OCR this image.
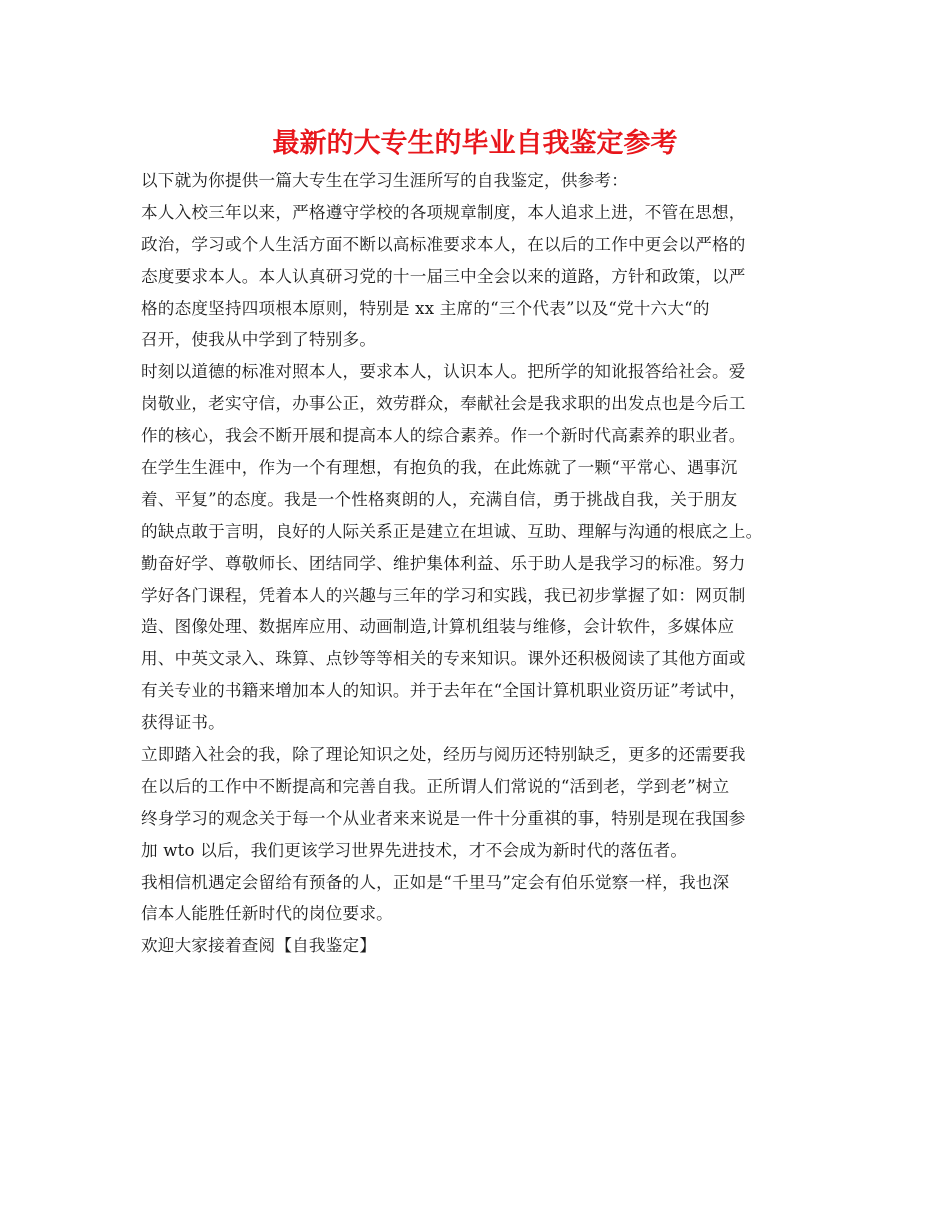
最新的大专生的毕业自我鉴定参考
以下就为你提供一篇大专生在学习生涯所写的自我鉴定，供参考：
本人入校三年以来，严格遵守学校的各项规章制度，本人追求上进，不管在思想，
政治，学习或个人生活方面不断以高标准要求本人，在以后的工作中更会以严格的
态度要求本人。本人认真研习党的十一届三中全会以来的道路，方针和政策，以严
格的态度坚持四项根本原则，特别是 xx 主席的“三个代表”以及“党十六大“的
召开，使我从中学到了特别多。
时刻以道德的标准对照本人，要求本人，认识本人。把所学的知讹报答给社会。爱
岗敬业，老实守信，办事公正，效劳群众，奉献社会是我求职的出发点也是今后工
作的核心，我会不断开展和提高本人的综合素养。作一个新时代高素养的职业者。
在学生生涯中，作为一个有理想，有抱负的我，在此炼就了一颗“平常心、遇事沉
着、平复”的态度。我是一个性格爽朗的人，充满自信，勇于挑战自我，关于朋友
的缺点敢于言明，良好的人际关系正是建立在坦诚、互助、理解与沟通的根底之上。
勤奋好学、尊敬师长、团结同学、维护集体利益、乐于助人是我学习的标准。努力
学好各门课程，凭着本人的兴趣与三年的学习和实践，我已初步掌握了如：网页制
造、图像处理、数据库应用、动画制造,计算机组装与维修，会计软件，多媒体应
用、中英文录入、珠算、点钞等等相关的专来知识。课外还积极阅读了其他方面或
有关专业的书籍来增加本人的知识。并于去年在“全国计算机职业资历证”考试中，
获得证书。
立即踏入社会的我，除了理论知识之处，经历与阅历还特别缺乏，更多的还需要我
在以后的工作中不断提高和完善自我。正所谓人们常说的“活到老，学到老”树立
终身学习的观念关于每一个从业者来来说是一件十分重祺的事，特别是现在我国参
加 wto 以后，我们更该学习世界先进技术，才不会成为新时代的落伍者。
我相信机遇定会留给有预备的人，正如是“千里马”定会有伯乐觉察一样，我也深
信本人能胜任新时代的岗位要求。
欢迎大家接着查阅【自我鉴定】
